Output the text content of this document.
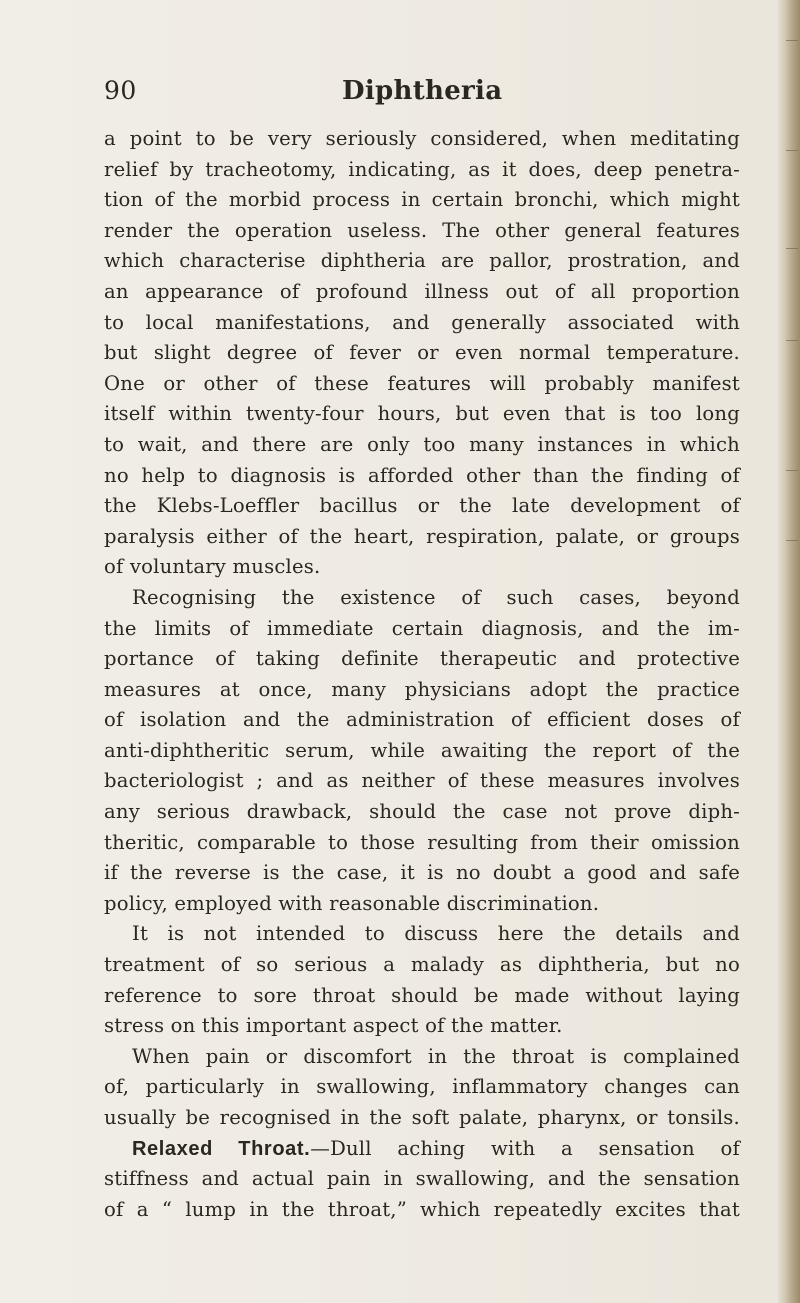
90	Diphtheria
a point to be very seriously considered, when meditating
relief by tracheotomy, indicating, as it does, deep penetra-
tion of the morbid process in certain bronchi, which might
render the operation useless. The other general features
which characterise diphtheria are pallor, prostration, and
an appearance of profound illness out of all proportion
to local manifestations, and generally associated with
but slight degree of fever or even normal temperature.
One or other of these features will probably manifest
itself within twenty-four hours, but even that is too long
to wait, and there are only too many instances in which
no help to diagnosis is afforded other than the finding of
the Klebs-Loeffler bacillus or the late development of
paralysis either of the heart, respiration, palate, or groups
of voluntary muscles.
Recognising the existence of such cases, beyond
the limits of immediate certain diagnosis, and the im-
portance of taking definite therapeutic and protective
measures at once, many physicians adopt the practice
of isolation and the administration of efficient doses of
anti-diphtheritic serum, while awaiting the report of the
bacteriologist ; and as neither of these measures involves
any serious drawback, should the case not prove diph-
theritic, comparable to those resulting from their omission
if the reverse is the case, it is no doubt a good and safe
policy, employed with reasonable discrimination.
It is not intended to discuss here the details and
treatment of so serious a malady as diphtheria, but no
reference to sore throat should be made without laying
stress on this important aspect of the matter.
When pain or discomfort in the throat is complained
of, particularly in swallowing, inflammatory changes can
usually be recognised in the soft palate, pharynx, or tonsils.
Relaxed Throat.—Dull aching with a sensation of
stiffness and actual pain in swallowing, and the sensation
of a “ lump in the throat,” which repeatedly excites that
